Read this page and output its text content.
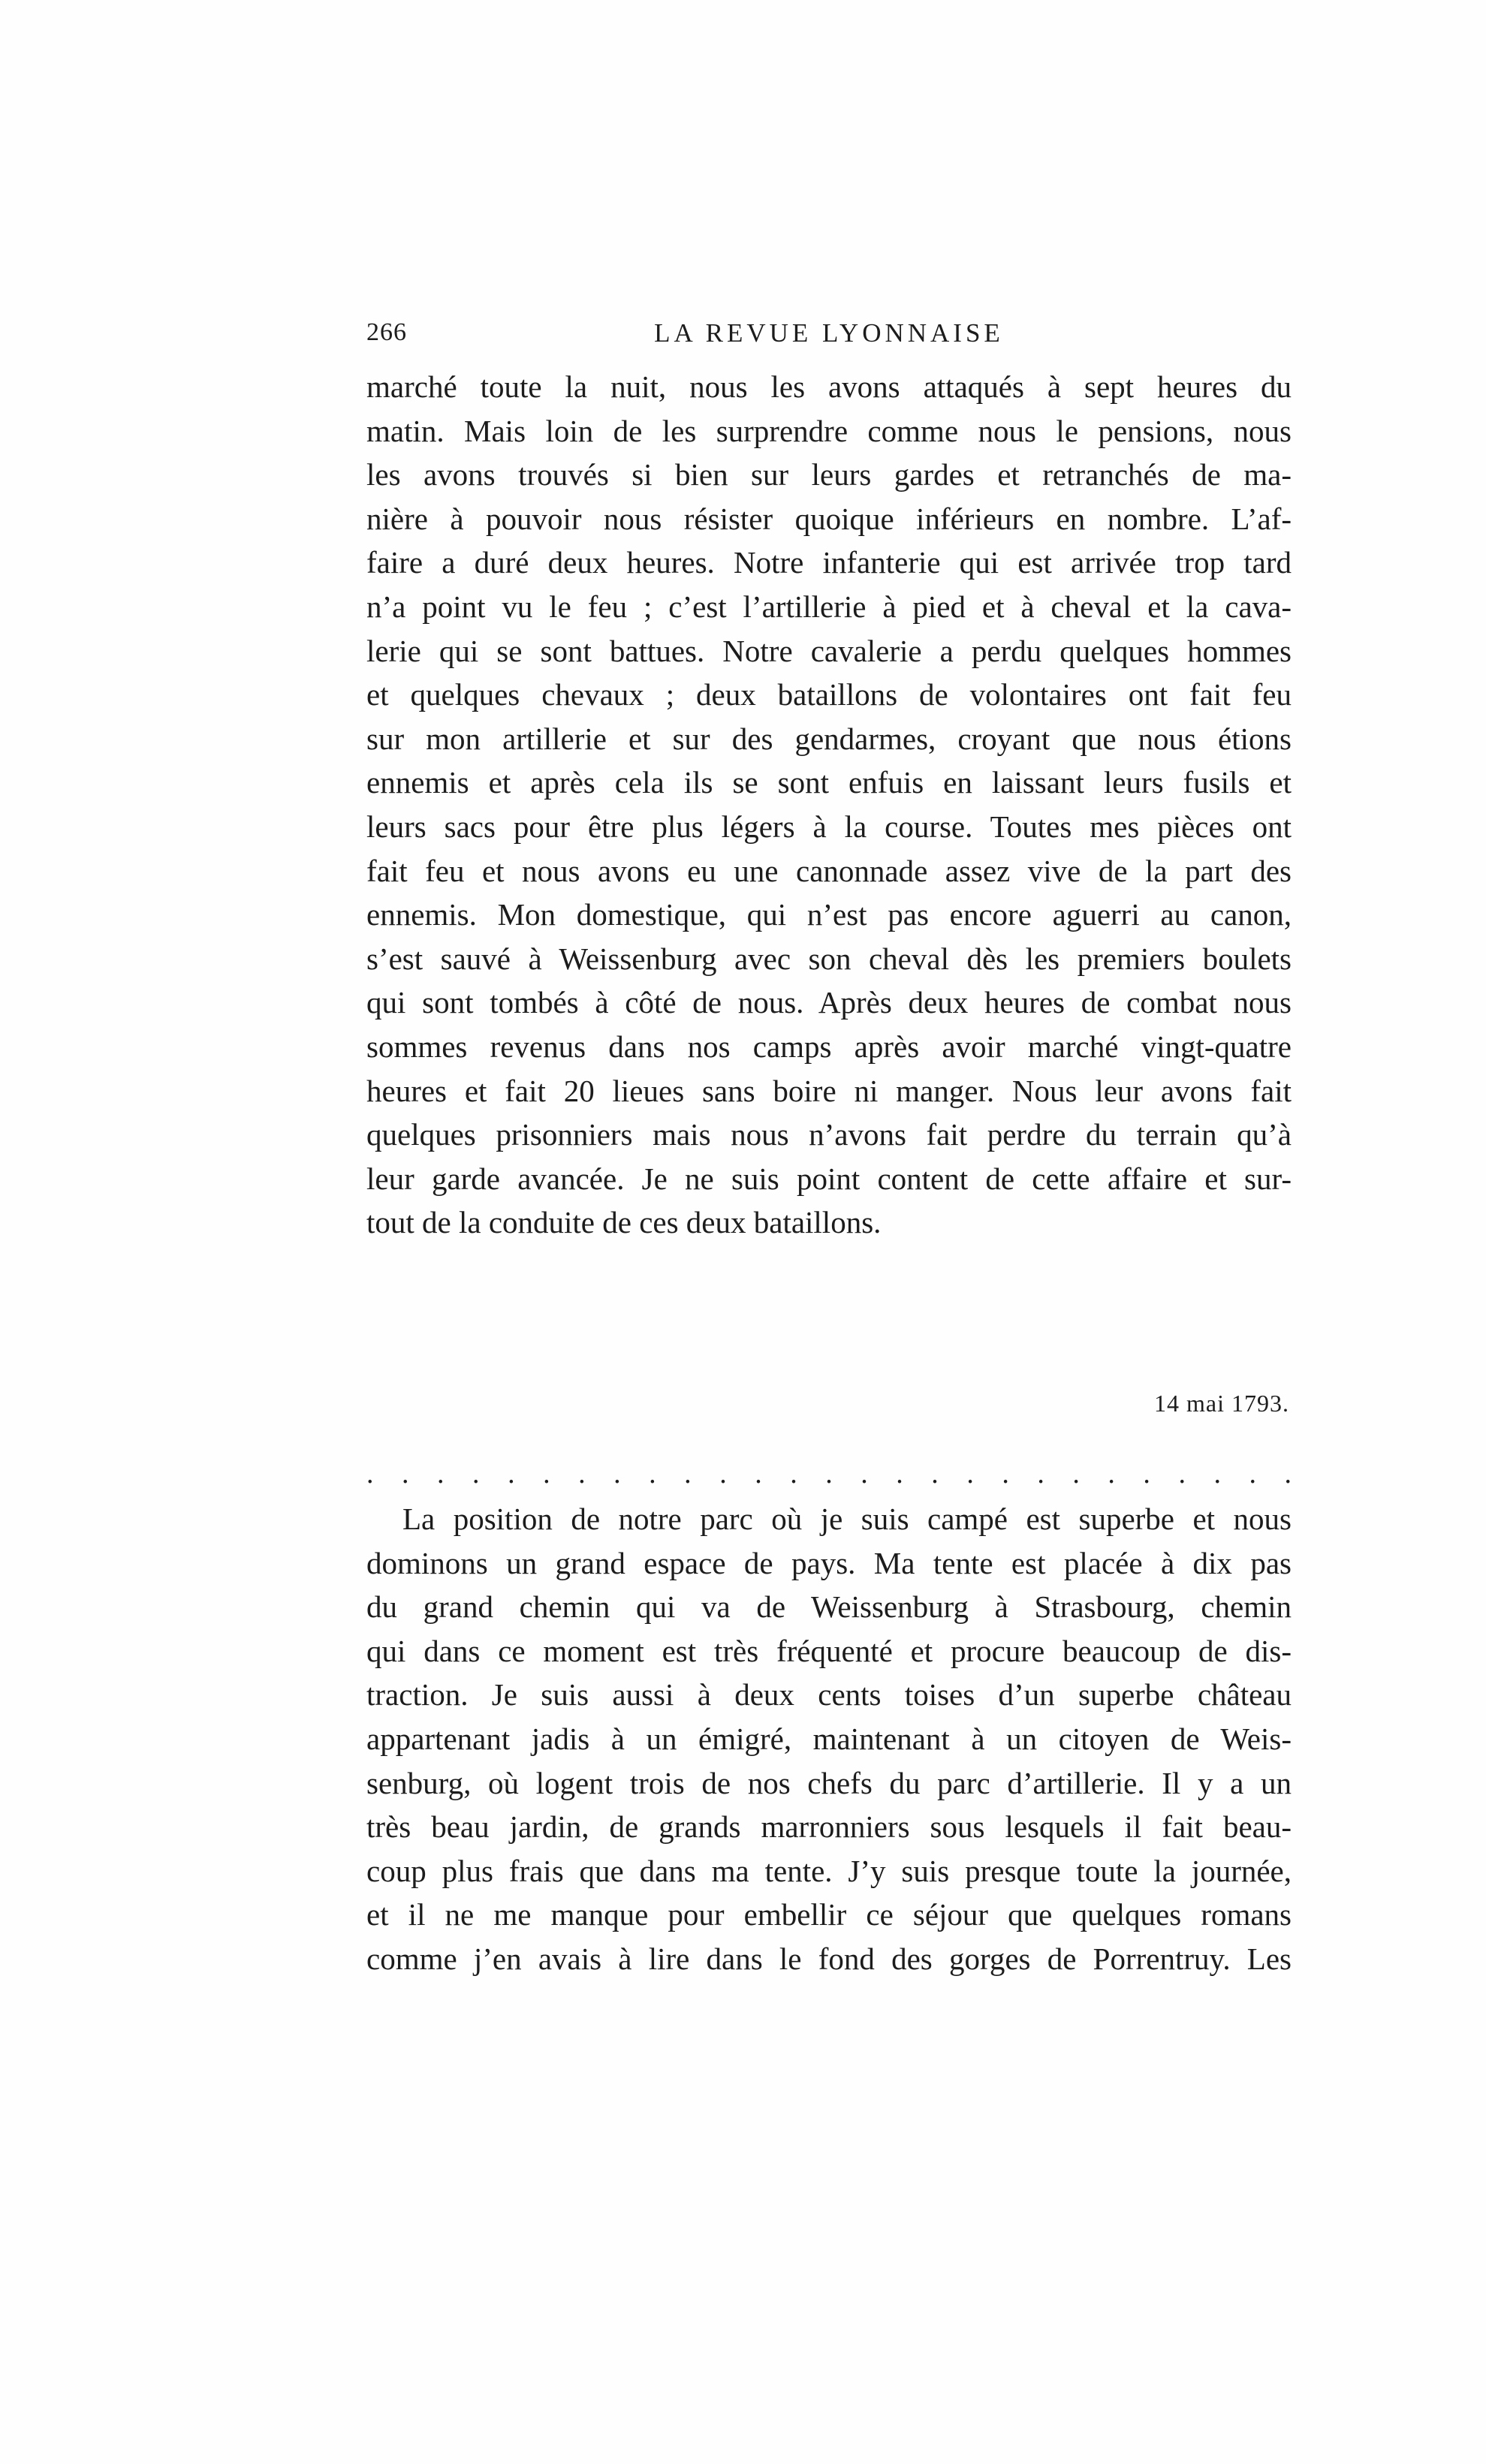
266	LA REVUE LYONNAISE
marché toute la nuit, nous les avons attaqués à sept heures du
matin. Mais loin de les surprendre comme nous le pensions, nous
les avons trouvés si bien sur leurs gardes et retranchés de ma-
nière à pouvoir nous résister quoique inférieurs en nombre. L’af-
faire a duré deux heures. Notre infanterie qui est arrivée trop tard
n’a point vu le feu ; c’est l’artillerie à pied et à cheval et la cava-
lerie qui se sont battues. Notre cavalerie a perdu quelques hommes
et quelques chevaux ; deux bataillons de volontaires ont fait feu
sur mon artillerie et sur des gendarmes, croyant que nous étions
ennemis et après cela ils se sont enfuis en laissant leurs fusils et
leurs sacs pour être plus légers à la course. Toutes mes pièces ont
fait feu et nous avons eu une canonnade assez vive de la part des
ennemis. Mon domestique, qui n’est pas encore aguerri au canon,
s’est sauvé à Weissenburg avec son cheval dès les premiers boulets
qui sont tombés à côté de nous. Après deux heures de combat nous
sommes revenus dans nos camps après avoir marché vingt-quatre
heures et fait 20 lieues sans boire ni manger. Nous leur avons fait
quelques prisonniers mais nous n’avons fait perdre du terrain qu’à
leur garde avancée. Je ne suis point content de cette affaire et sur-
tout de la conduite de ces deux bataillons.
14 mai 1793.
. . . . . . . . . . . . . . . . . . . . . . . . . . .
La position de notre parc où je suis campé est superbe et nous
dominons un grand espace de pays. Ma tente est placée à dix pas
du grand chemin qui va de Weissenburg à Strasbourg, chemin
qui dans ce moment est très fréquenté et procure beaucoup de dis-
traction. Je suis aussi à deux cents toises d’un superbe château
appartenant jadis à un émigré, maintenant à un citoyen de Weis-
senburg, où logent trois de nos chefs du parc d’artillerie. Il y a un
très beau jardin, de grands marronniers sous lesquels il fait beau-
coup plus frais que dans ma tente. J’y suis presque toute la journée,
et il ne me manque pour embellir ce séjour que quelques romans
comme j’en avais à lire dans le fond des gorges de Porrentruy. Les
